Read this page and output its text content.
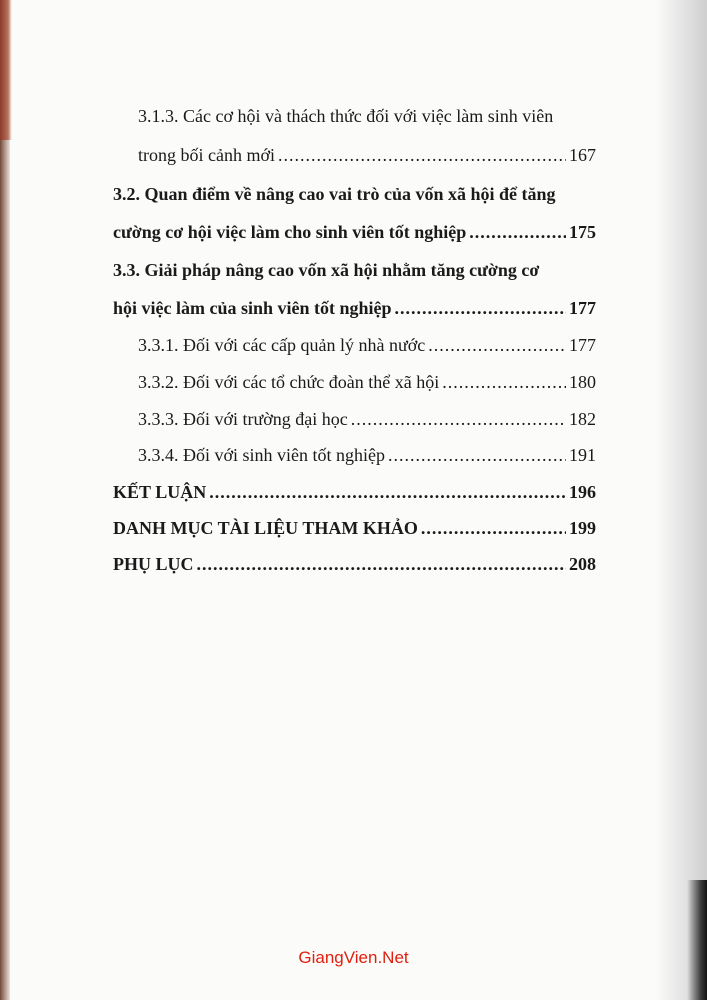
3.1.3. Các cơ hội và thách thức đối với việc làm sinh viên
trong bối cảnh mới .....	167
3.2. Quan điểm về nâng cao vai trò của vốn xã hội để tăng
cường cơ hội việc làm cho sinh viên tốt nghiệp .....	175
3.3. Giải pháp nâng cao vốn xã hội nhằm tăng cường cơ
hội việc làm của sinh viên tốt nghiệp .....	177
3.3.1. Đối với các cấp quản lý nhà nước .....	177
3.3.2. Đối với các tổ chức đoàn thể xã hội .....	180
3.3.3. Đối với trường đại học .....	182
3.3.4. Đối với sinh viên tốt nghiệp .....	191
KẾT LUẬN .....	196
DANH MỤC TÀI LIỆU THAM KHẢO .....	199
PHỤ LỤC .....	208
GiangVien.Net
